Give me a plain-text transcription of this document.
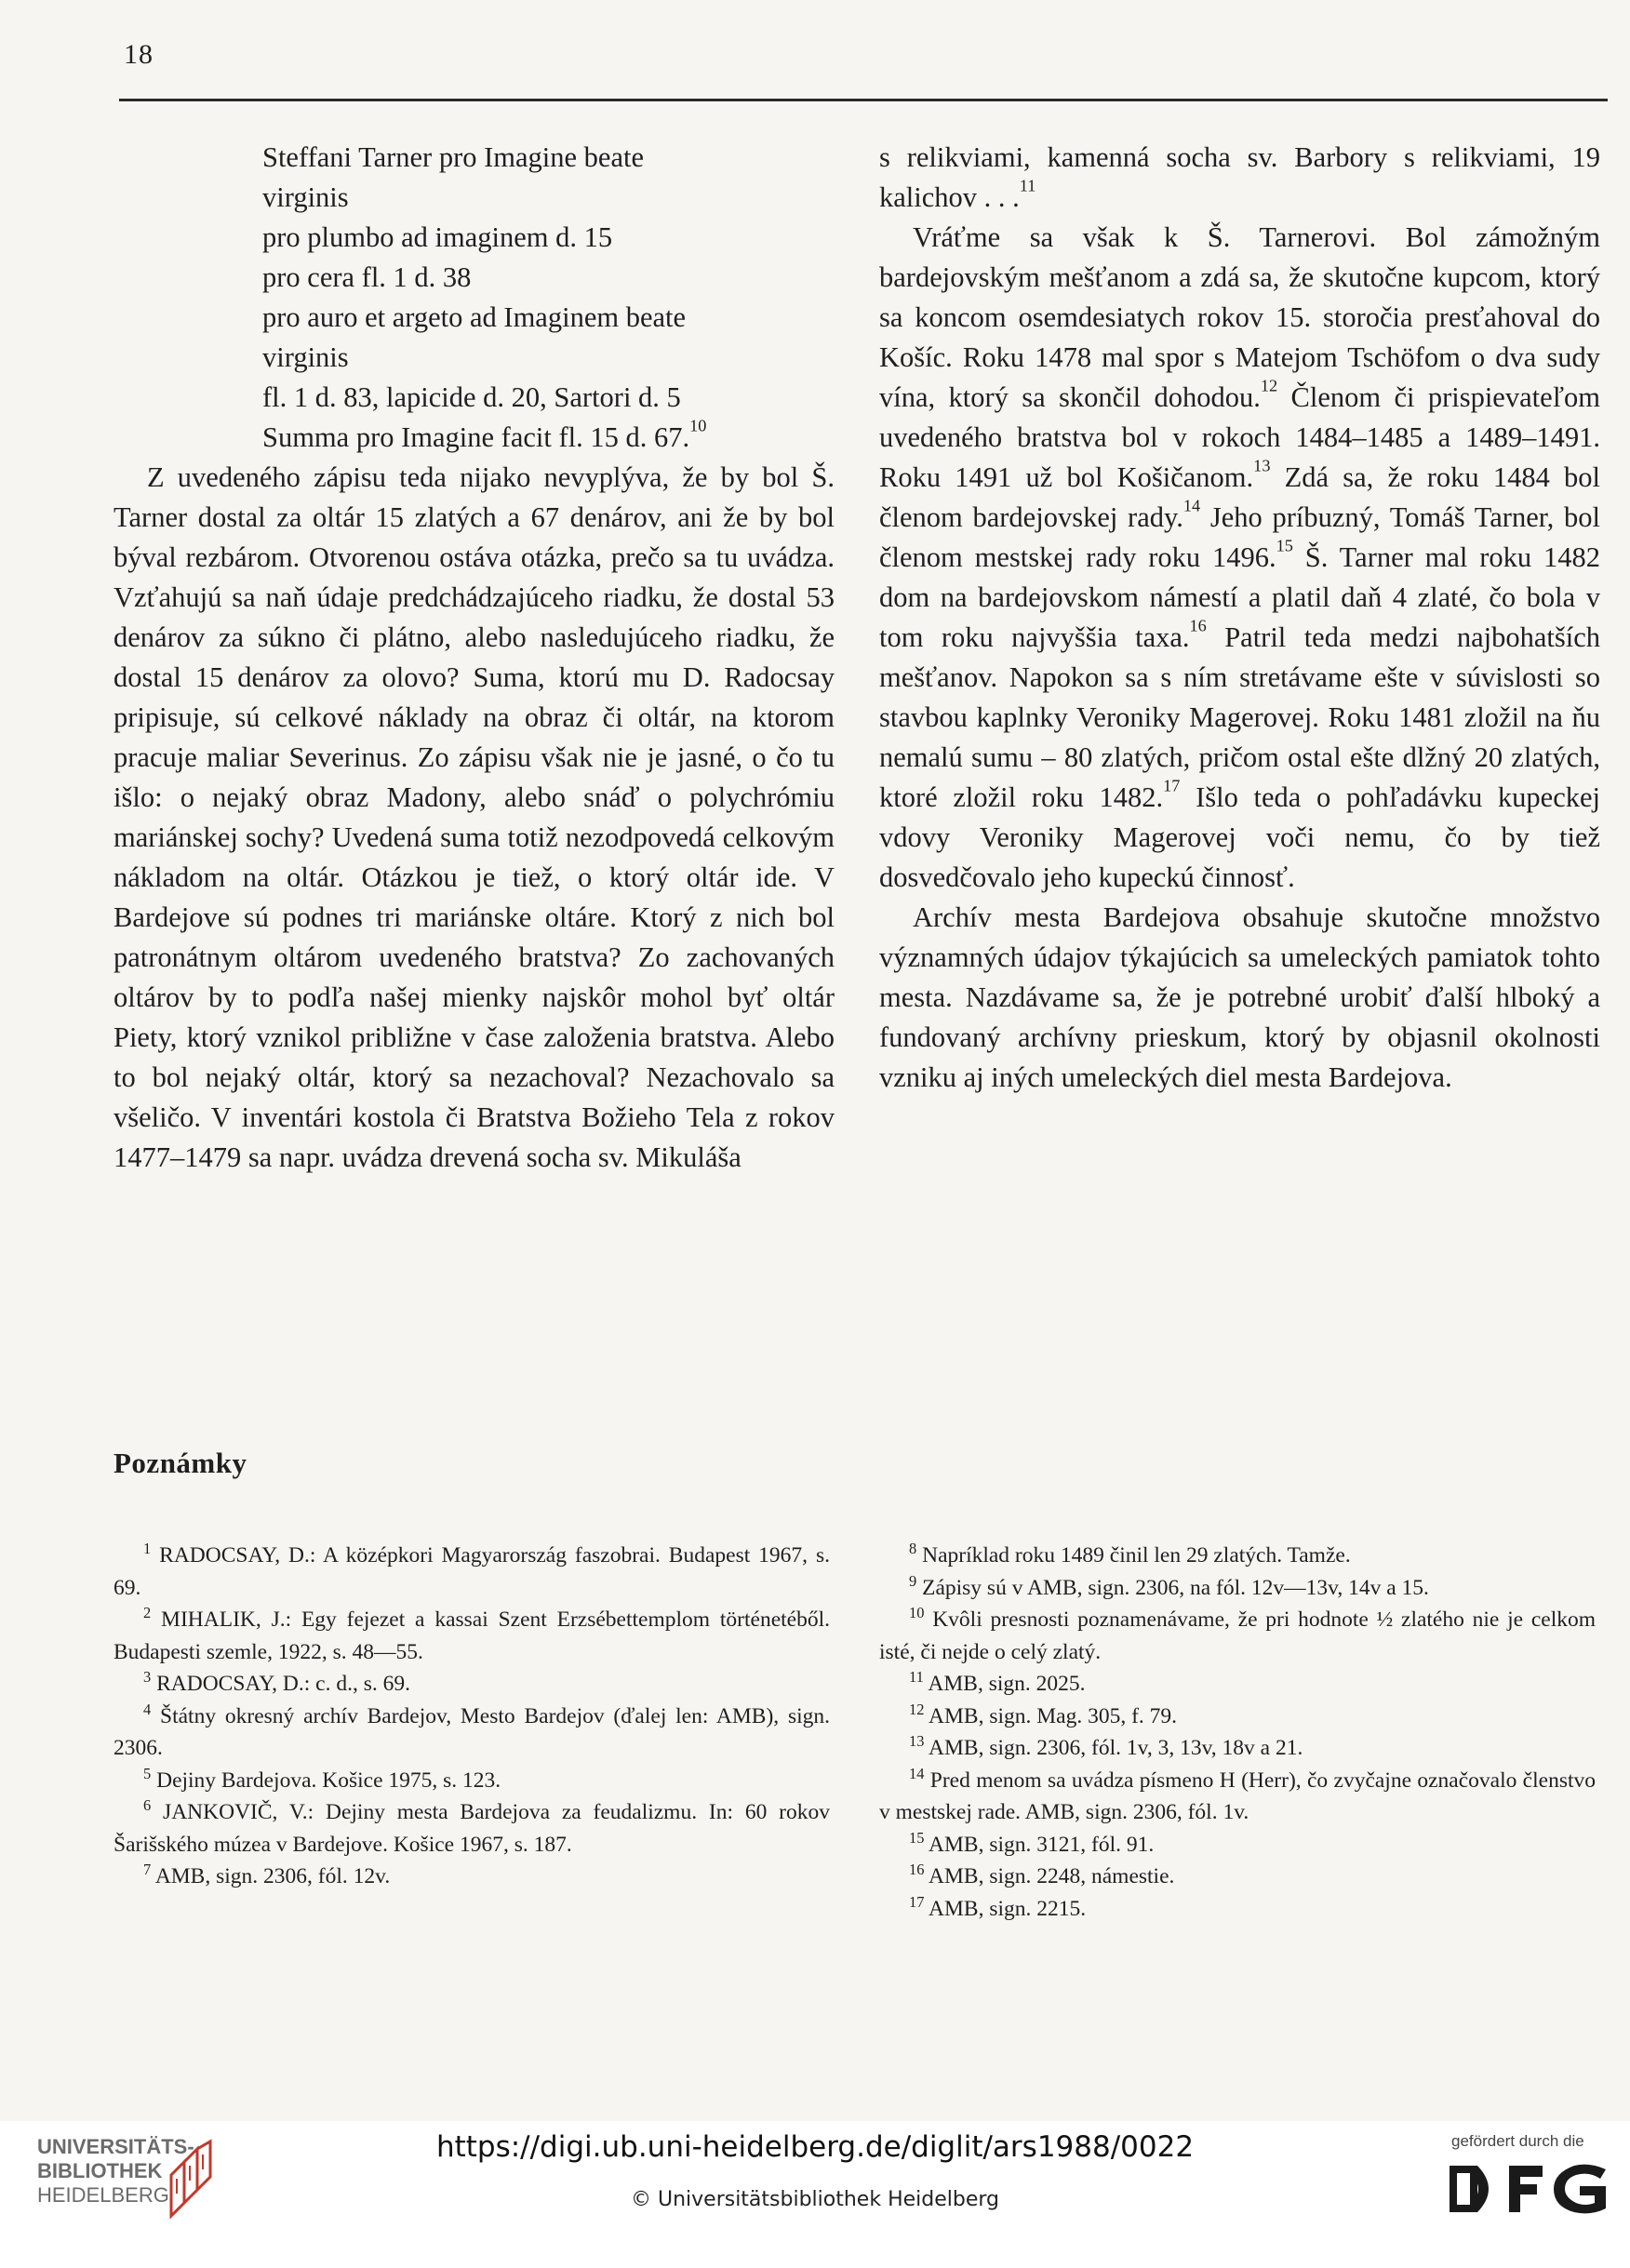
18
Steffani Tarner pro Imagine beate
virginis
pro plumbo ad imaginem d. 15
pro cera fl. 1 d. 38
pro auro et argeto ad Imaginem beate
virginis
fl. 1 d. 83, lapicide d. 20, Sartori d. 5
Summa pro Imagine facit fl. 15 d. 67.10

Z uvedeného zápisu teda nijako nevyplýva, že by bol Š. Tarner dostal za oltár 15 zlatých a 67 denárov, ani že by bol býval rezbárom. Otvorenou ostáva otázka, prečo sa tu uvádza. Vzťahujú sa naň údaje predchádzajúceho riadku, že dostal 53 denárov za súkno či plátno, alebo nasledujúceho riadku, že dostal 15 denárov za olovo? Suma, ktorú mu D. Radocsay pripisuje, sú celkové náklady na obraz či oltár, na ktorom pracuje maliar Severinus. Zo zápisu však nie je jasné, o čo tu išlo: o nejaký obraz Madony, alebo snáď o polychrómiu mariánskej sochy? Uvedená suma totiž nezodpovedá celkovým nákladom na oltár. Otázkou je tiež, o ktorý oltár ide. V Bardejove sú podnes tri mariánske oltáre. Ktorý z nich bol patronátnym oltárom uvedeného bratstva? Zo zachovaných oltárov by to podľa našej mienky najskôr mohol byť oltár Piety, ktorý vznikol približne v čase založenia bratstva. Alebo to bol nejaký oltár, ktorý sa nezachoval? Nezachovalo sa všeličo. V inventári kostola či Bratstva Božieho Tela z rokov 1477–1479 sa napr. uvádza drevená socha sv. Mikuláša

s relikviami, kamenná socha sv. Barbory s relikviami, 19 kalichov . . .$^{11}$

Vráťme sa však k Š. Tarnerovi. Bol zámožným bardejovským mešťanom a zdá sa, že skutočne kupcom, ktorý sa koncom osemdesiatych rokov 15. storočia presťahoval do Košíc. Roku 1478 mal spor s Matejom Tschöfom o dva sudy vína, ktorý sa skončil dohodou.$^{12}$ Členom či prispievateľom uvedeného bratstva bol v rokoch 1484–1485 a 1489–1491. Roku 1491 už bol Košičanom.$^{13}$ Zdá sa, že roku 1484 bol členom bardejovskej rady.$^{14}$ Jeho príbuzný, Tomáš Tarner, bol členom mestskej rady roku 1496.15 Š. Tarner mal roku 1482 dom na bardejovskom námestí a platil daň 4 zlaté, čo bola v tom roku najvyššia taxa.$^{16}$ Patril teda medzi najbohatších mešťanov. Napokon sa s ním stretávame ešte v súvislosti so stavbou kaplnky Veroniky Magerovej. Roku 1481 zložil na ňu nemalú sumu – 80 zlatých, pričom ostal ešte dlžný 20 zlatých, ktoré zložil roku 1482.17 Išlo teda o pohľadávku kupeckej vdovy Veroniky Magerovej voči nemu, čo by tiež dosvedčovalo jeho kupeckú činnosť.

Archív mesta Bardejova obsahuje skutočne množstvo významných údajov týkajúcich sa umeleckých pamiatok tohto mesta. Nazdávame sa, že je potrebné urobiť ďalší hlboký a fundovaný archívny prieskum, ktorý by objasnil okolnosti vzniku aj iných umeleckých diel mesta Bardejova.

Poznámky

$^1$ RADOCSAY, D.: A középkori Magyarország faszobrai. Budapest 1967, s. 69.

$^2$ MIHALIK, J.: Egy fejezet a kassai Szent Erzsébettemplom történetéből. Budapesti szemle, 1922, s. 48—55.

$^3$ RADOCSAY, D.: c. d., s. 69.

$^4$ Štátny okresný archív Bardejov, Mesto Bardejov (ďalej len: AMB), sign. 2306.

$^5$ Dejiny Bardejova. Košice 1975, s. 123.

$^6$ JANKOVIČ, V.: Dejiny mesta Bardejova za feudalizmu. In: 60 rokov Šarišského múzea v Bardejove. Košice 1967, s. 187.

$^7$ AMB, sign. 2306, fól. 12v.

$^8$ Napríklad roku 1489 činil len 29 zlatých. Tamže.

$^9$ Zápisy sú v AMB, sign. 2306, na fól. 12v—13v, 14v a 15.

$^{10}$ Kvôli presnosti poznamenávame, že pri hodnote ½ zlatého nie je celkom isté, či nejde o celý zlatý.

$^{11}$ AMB, sign. 2025.

$^{12}$ AMB, sign. Mag. 305, f. 79.

$^{13}$ AMB, sign. 2306, fól. 1v, 3, 13v, 18v a 21.

$^{14}$ Pred menom sa uvádza písmeno H (Herr), čo zvyčajne označovalo členstvo v mestskej rade. AMB, sign. 2306, fól. 1v.

$^{15}$ AMB, sign. 3121, fól. 91.

$^{16}$ AMB, sign. 2248, námestie.

$^{17}$ AMB, sign. 2215.

UNIVERSITÄTS-
BIBLIOTHEK
HEIDELBERG
https://digi.ub.uni-heidelberg.de/diglit/ars1988/0022
© Universitätsbibliothek Heidelberg
gefördert durch die
